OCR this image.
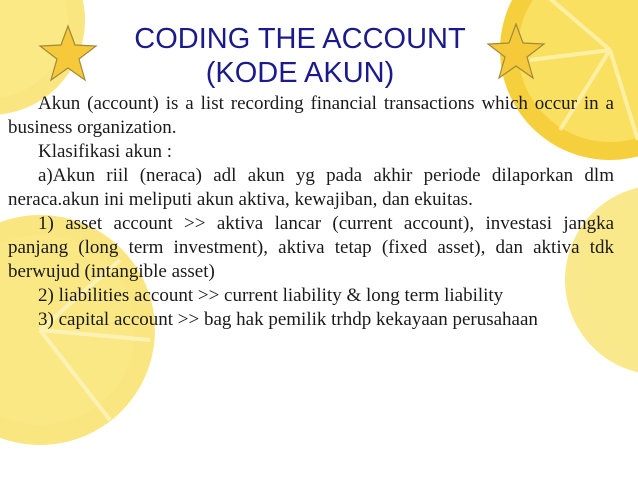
CODING THE ACCOUNT
(KODE AKUN)

Akun (account) is a list recording financial transactions which occur in a business organization.

Klasifikasi akun :

a)Akun riil (neraca) adl akun yg pada akhir periode dilaporkan dlm neraca.akun ini meliputi akun aktiva, kewajiban, dan ekuitas.

1) asset account >> aktiva lancar (current account), investasi jangka panjang (long term investment), aktiva tetap (fixed asset), dan aktiva tdk berwujud (intangible asset)

2) liabilities account >> current liability & long term liability

3) capital account >> bag hak pemilik trhdp kekayaan perusahaan
